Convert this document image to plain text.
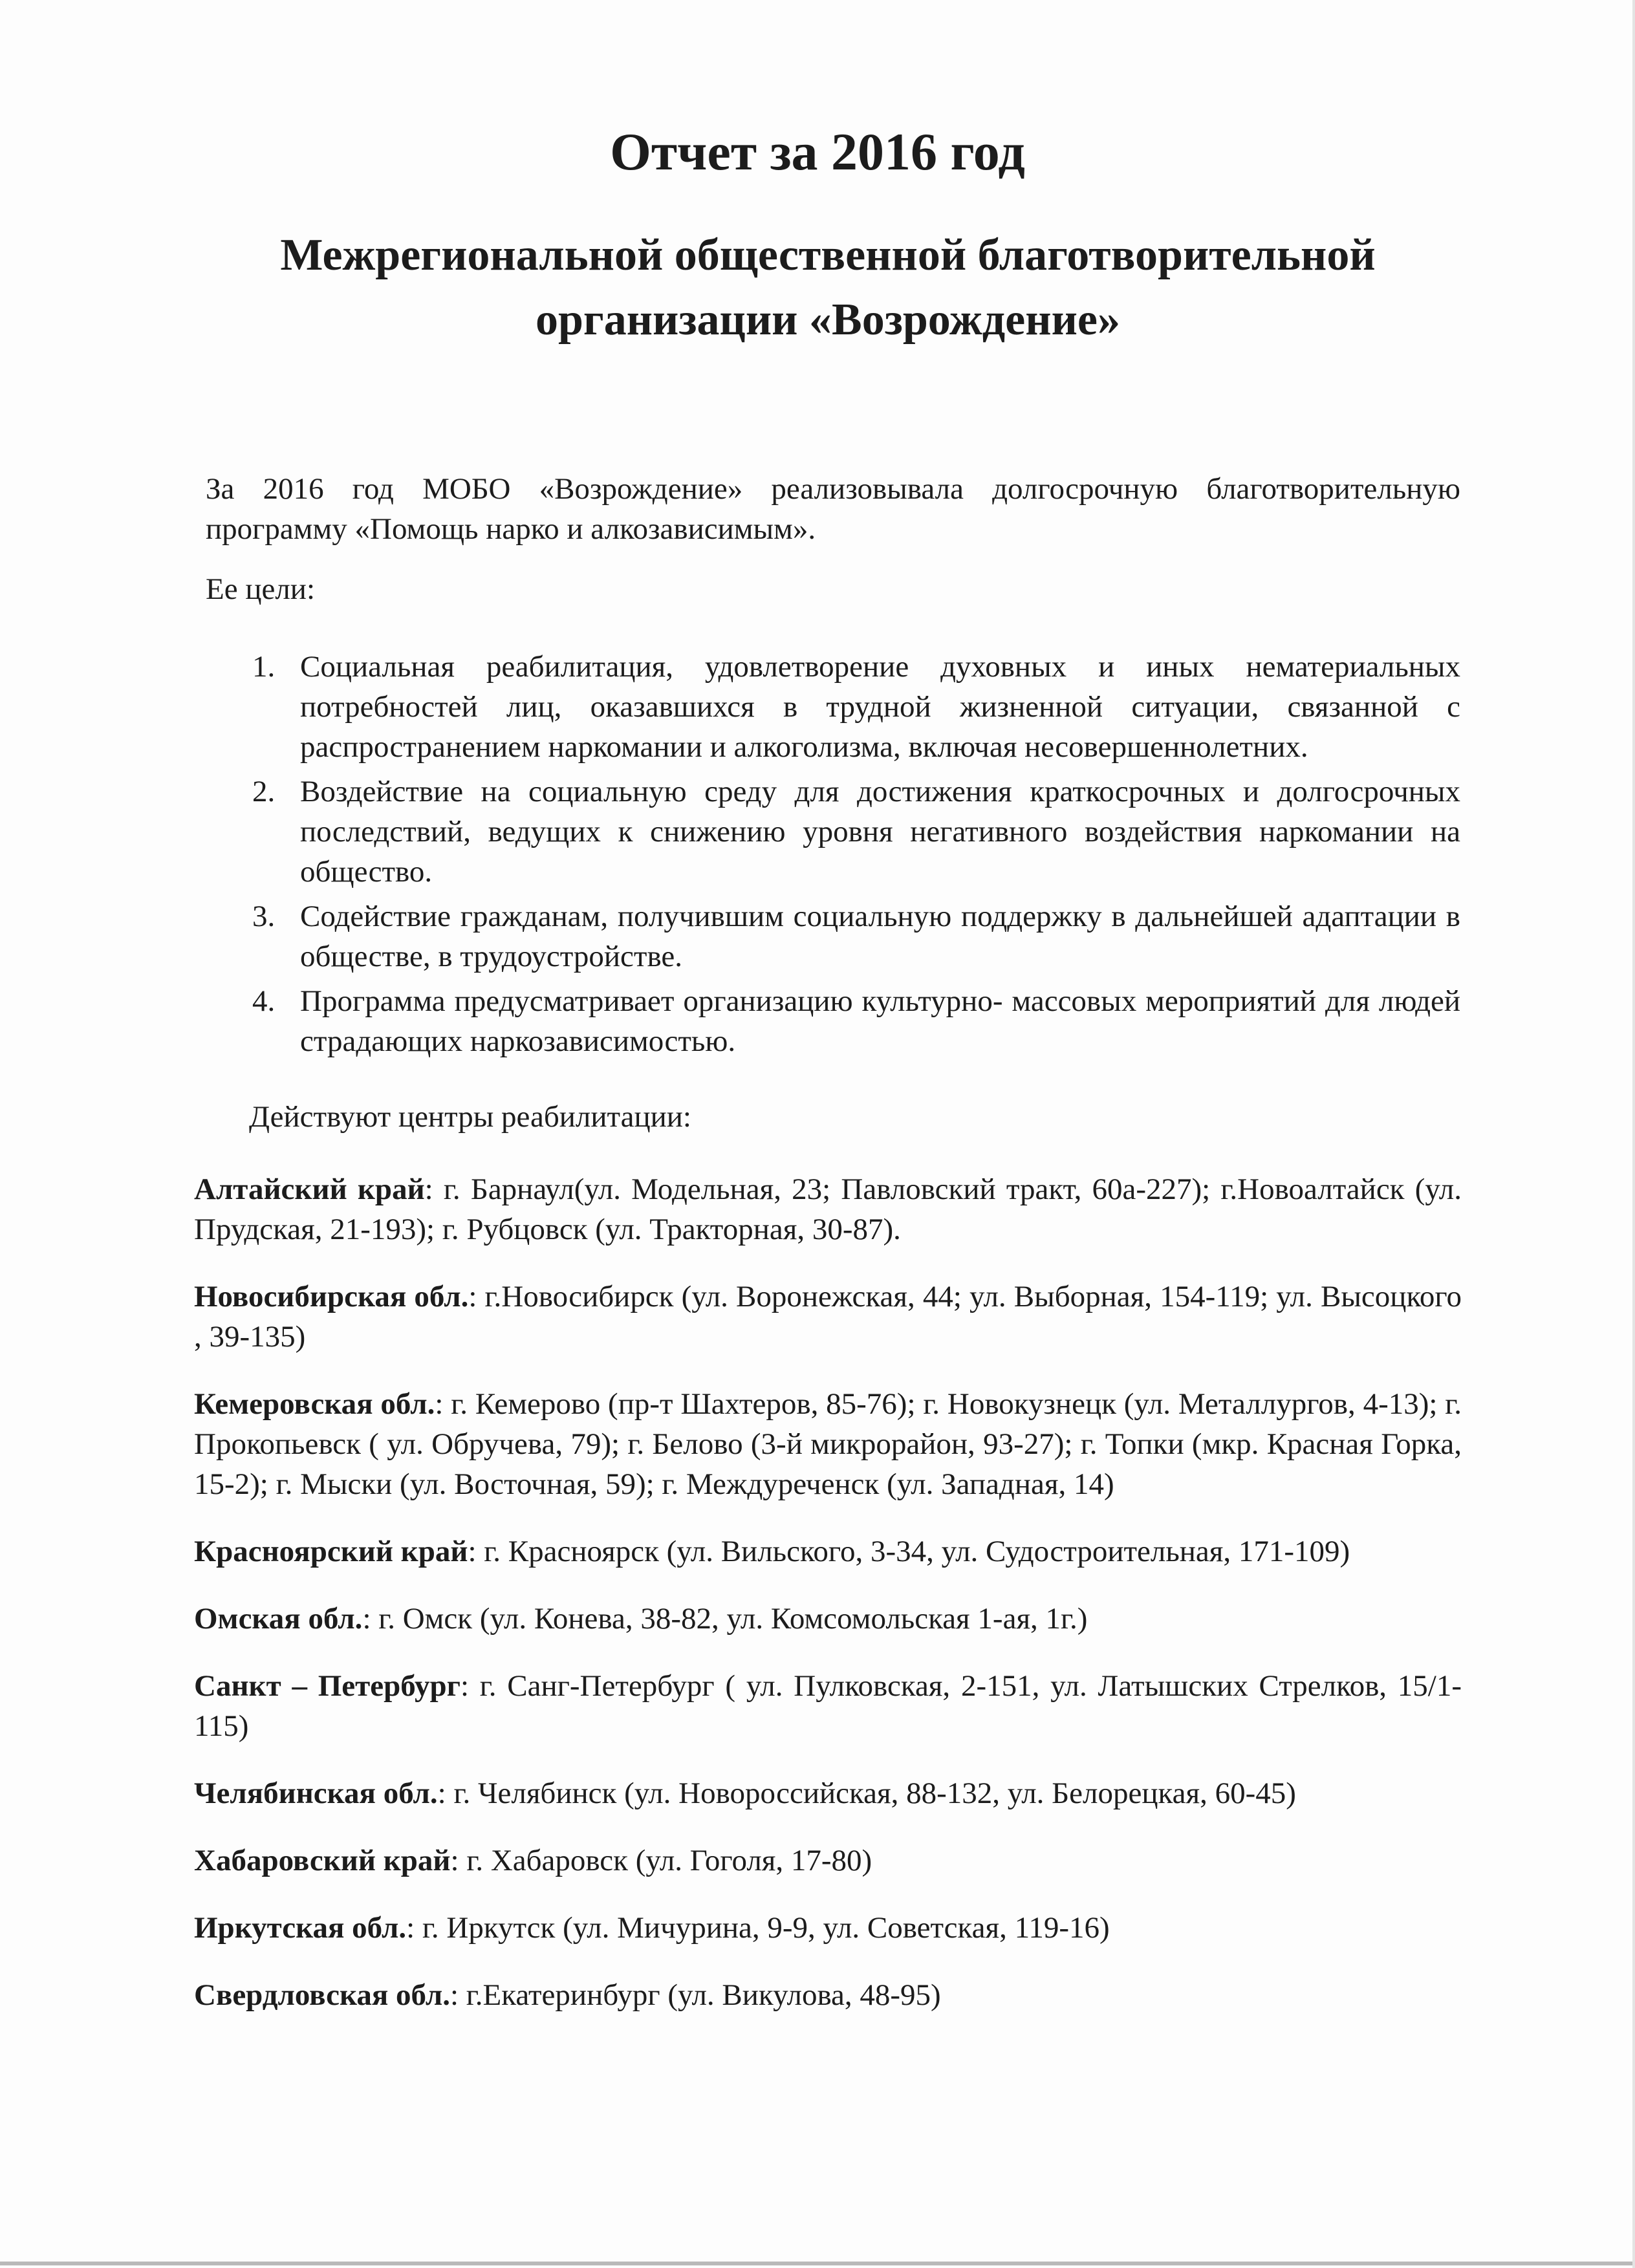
Отчет за 2016 год
Межрегиональной общественной благотворительной организации «Возрождение»

За 2016 год МОБО «Возрождение» реализовывала долгосрочную благотворительную
программу «Помощь нарко и алкозависимым».

Ее цели:

1. Социальная реабилитация, удовлетворение духовных и иных нематериальных потребностей лиц, оказавшихся в трудной жизненной ситуации, связанной с распространением наркомании и алкоголизма, включая несовершеннолетних.
2. Воздействие на социальную среду для достижения краткосрочных и долгосрочных последствий, ведущих к снижению уровня негативного воздействия наркомании на общество.
3. Содействие гражданам, получившим социальную поддержку в дальнейшей адаптации в обществе, в трудоустройстве.
4. Программа предусматривает организацию культурно- массовых мероприятий для людей страдающих наркозависимостью.

Действуют центры реабилитации:

Алтайский край: г. Барнаул(ул. Модельная, 23; Павловский тракт, 60а-227); г.Новоалтайск (ул. Прудская, 21-193); г. Рубцовск (ул. Тракторная, 30-87).

Новосибирская обл.: г.Новосибирск (ул. Воронежская, 44; ул. Выборная, 154-119; ул. Высоцкого , 39-135)

Кемеровская обл.: г. Кемерово (пр-т Шахтеров, 85-76); г. Новокузнецк (ул. Металлургов, 4-13); г. Прокопьевск ( ул. Обручева, 79); г. Белово (3-й микрорайон, 93-27); г. Топки (мкр. Красная Горка, 15-2); г. Мыски (ул. Восточная, 59); г. Междуреченск (ул. Западная, 14)

Красноярский край: г. Красноярск (ул. Вильского, 3-34, ул. Судостроительная, 171-109)

Омская обл.: г. Омск (ул. Конева, 38-82, ул. Комсомольская 1-ая, 1г.)

Санкт – Петербург: г. Санг-Петербург ( ул. Пулковская, 2-151, ул. Латышских Стрелков, 15/1-115)

Челябинская обл.: г. Челябинск (ул. Новороссийская, 88-132, ул. Белорецкая, 60-45)

Хабаровский край: г. Хабаровск (ул. Гоголя, 17-80)

Иркутская обл.: г. Иркутск (ул. Мичурина, 9-9, ул. Советская, 119-16)

Свердловская обл.: г.Екатеринбург (ул. Викулова, 48-95)
